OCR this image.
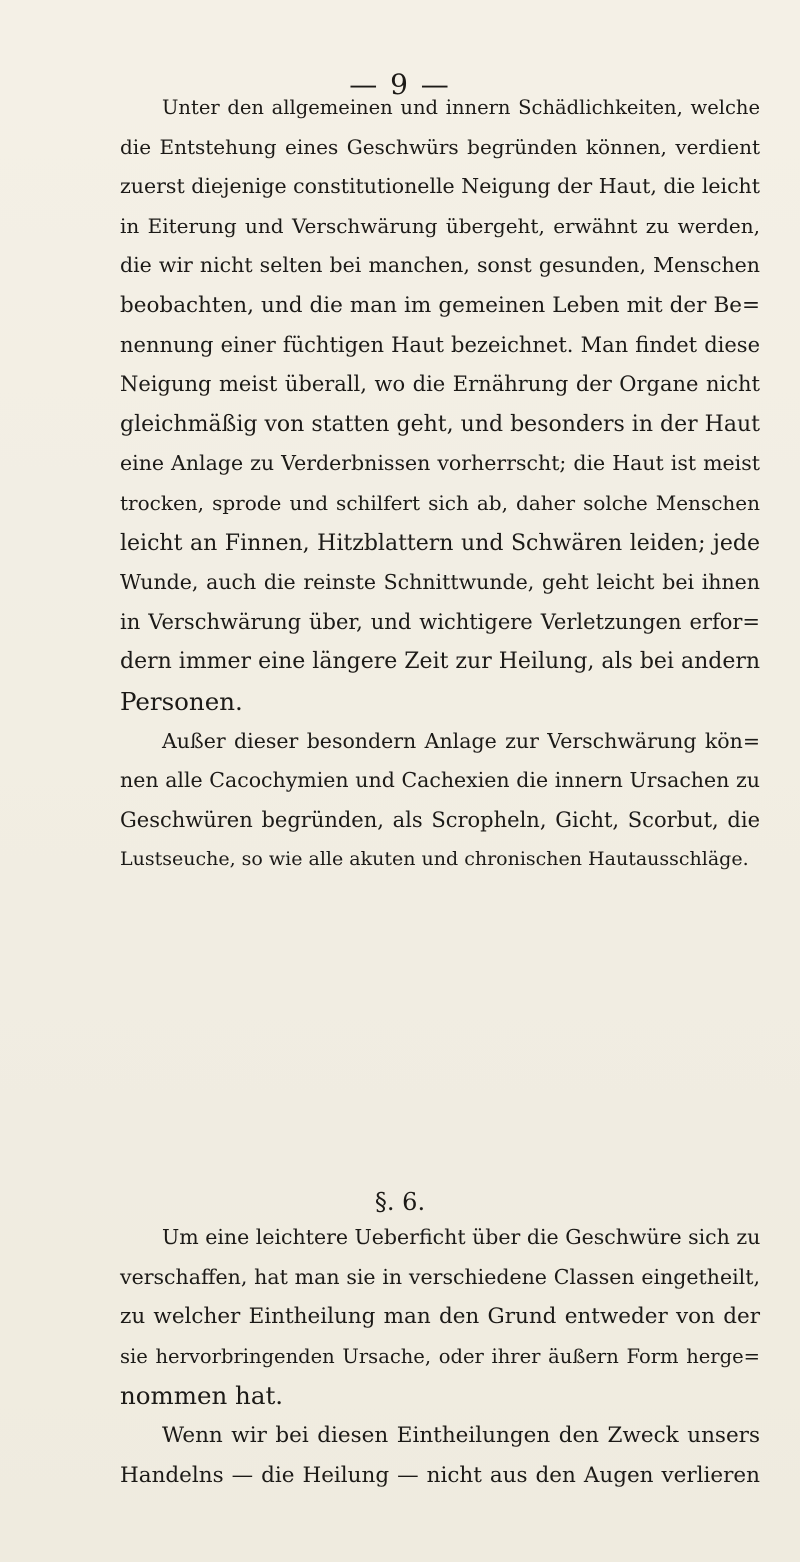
— 9 —
Unter den allgemeinen und innern Schädlichkeiten, welche
die Entstehung eines Geschwürs begründen können, verdient
zuerst diejenige constitutionelle Neigung der Haut, die leicht
in Eiterung und Verschwärung übergeht, erwähnt zu werden,
die wir nicht selten bei manchen, sonst gesunden, Menschen
beobachten, und die man im gemeinen Leben mit der Be=
nennung einer füchtigen Haut bezeichnet. Man findet diese
Neigung meist überall, wo die Ernährung der Organe nicht
gleichmäßig von statten geht, und besonders in der Haut
eine Anlage zu Verderbnissen vorherrscht; die Haut ist meist
trocken, sprode und schilfert sich ab, daher solche Menschen
leicht an Finnen, Hitzblattern und Schwären leiden; jede
Wunde, auch die reinste Schnittwunde, geht leicht bei ihnen
in Verschwärung über, und wichtigere Verletzungen erfor=
dern immer eine längere Zeit zur Heilung, als bei andern
Personen.
Außer dieser besondern Anlage zur Verschwärung kön=
nen alle Cacochymien und Cachexien die innern Ursachen zu
Geschwüren begründen, als Scropheln, Gicht, Scorbut, die
Lustseuche, so wie alle akuten und chronischen Hautausschläge.
§. 6.
Um eine leichtere Ueberficht über die Geschwüre sich zu
verschaffen, hat man sie in verschiedene Classen eingetheilt,
zu welcher Eintheilung man den Grund entweder von der
sie hervorbringenden Ursache, oder ihrer äußern Form herge=
nommen hat.
Wenn wir bei diesen Eintheilungen den Zweck unsers
Handelns — die Heilung — nicht aus den Augen verlieren
